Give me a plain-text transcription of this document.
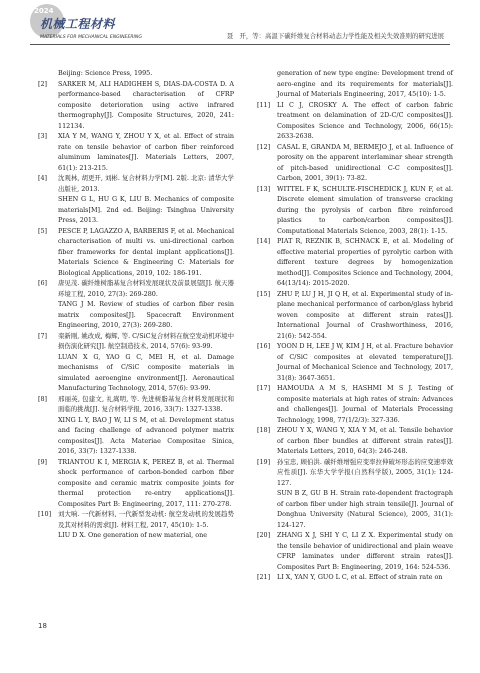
2024
机械工程材料
MATERIALS FOR MECHANICAL ENGINEERING	聂　开，等：高温下碳纤维复合材料动态力学性能及相关失效准则的研究进展
Beijing: Science Press, 1995.
[2]	SARKER M, ALI HADIGHEH S, DIAS-DA-COSTA D. A performance-based characterisation of CFRP composite deterioration using active infrared thermography[J]. Composite Structures, 2020, 241: 112134.
[3]	XIA Y M, WANG Y, ZHOU Y X, et al. Effect of strain rate on tensile behavior of carbon fiber reinforced aluminum laminates[J]. Materials Letters, 2007, 61(1): 213-215.
[4]	沈观林, 胡更开, 刘彬. 复合材料力学[M]. 2版. 北京: 清华大学出版社, 2013.
SHEN G L, HU G K, LIU B. Mechanics of composite materials[M]. 2nd ed. Beijing: Tsinghua University Press, 2013.
[5]	PESCE P, LAGAZZO A, BARBERIS F, et al. Mechanical characterisation of multi vs. uni-directional carbon fiber frameworks for dental implant applications[J]. Materials Science & Engineering C: Materials for Biological Applications, 2019, 102: 186-191.
[6]	唐见茂. 碳纤维树脂基复合材料发展现状及前景展望[J]. 航天器环境工程, 2010, 27(3): 269-280.
TANG J M. Review of studies of carbon fiber resin matrix composites[J]. Spacecraft Environment Engineering, 2010, 27(3): 269-280.
[7]	栾新刚, 姚改成, 梅辉, 等. C/SiC复合材料在航空发动机环境中损伤演化研究[J]. 航空制造技术, 2014, 57(6): 93-99.
LUAN X G, YAO G C, MEI H, et al. Damage mechanisms of C/SiC composite materials in simulated aeroengine environment[J]. Aeronautical Manufacturing Technology, 2014, 57(6): 93-99.
[8]	邢丽英, 包建文, 礼嵩明, 等. 先进树脂基复合材料发展现状和面临的挑战[J]. 复合材料学报, 2016, 33(7): 1327-1338.
XING L Y, BAO J W, LI S M, et al. Development status and facing challenge of advanced polymer matrix composites[J]. Acta Materiae Compositae Sinica, 2016, 33(7): 1327-1338.
[9]	TRIANTOU K I, MERGIA K, PEREZ B, et al. Thermal shock performance of carbon-bonded carbon fiber composite and ceramic matrix composite joints for thermal protection re-entry applications[J]. Composites Part B: Engineering, 2017, 111: 270-278.
[10]	刘大响. 一代新材料, 一代新型发动机: 航空发动机的发展趋势及其对材料的需求[J]. 材料工程, 2017, 45(10): 1-5.
LIU D X. One generation of new material, one
generation of new type engine: Development trend of aero-engine and its requirements for materials[J]. Journal of Materials Engineering, 2017, 45(10): 1-5.
[11]	LI C J, CROSKY A. The effect of carbon fabric treatment on delamination of 2D-C/C composites[J]. Composites Science and Technology, 2006, 66(15): 2633-2638.
[12]	CASAL E, GRANDA M, BERMEJO J, et al. Influence of porosity on the apparent interlaminar shear strength of pitch-based unidirectional C-C composites[J]. Carbon, 2001, 39(1): 73-82.
[13]	WITTEL F K, SCHULTE-FISCHEDICK J, KUN F, et al. Discrete element simulation of transverse cracking during the pyrolysis of carbon fibre reinforced plastics to carbon/carbon composites[J]. Computational Materials Science, 2003, 28(1): 1-15.
[14]	PIAT R, REZNIK B, SCHNACK E, et al. Modeling of effective material properties of pyrolytic carbon with different texture degrees by homogenization method[J]. Composites Science and Technology, 2004, 64(13/14): 2015-2020.
[15]	ZHU P, LU J H, JI Q H, et al. Experimental study of in-plane mechanical performance of carbon/glass hybrid woven composite at different strain rates[J]. International Journal of Crashworthiness, 2016, 21(6): 542-554.
[16]	YOON D H, LEE J W, KIM J H, et al. Fracture behavior of C/SiC composites at elevated temperature[J]. Journal of Mechanical Science and Technology, 2017, 31(8): 3647-3651.
[17]	HAMOUDA A M S, HASHMI M S J. Testing of composite materials at high rates of strain: Advances and challenges[J]. Journal of Materials Processing Technology, 1998, 77(1/2/3): 327-336.
[18]	ZHOU Y X, WANG Y, XIA Y M, et al. Tensile behavior of carbon fiber bundles at different strain rates[J]. Materials Letters, 2010, 64(3): 246-248.
[19]	孙宝忠, 顾伯洪. 碳纤维增强应变率拉伸破坏形态的应变速率效应性质[J]. 东华大学学报(自然科学版), 2005, 31(1): 124-127.
SUN B Z, GU B H. Strain rate-dependent fractograph of carbon fiber under high strain tensile[J]. Journal of Donghua University (Natural Science), 2005, 31(1): 124-127.
[20]	ZHANG X J, SHI Y C, LI Z X. Experimental study on the tensile behavior of unidirectional and plain weave CFRP laminates under different strain rates[J]. Composites Part B: Engineering, 2019, 164: 524-536.
[21]	LI X, YAN Y, GUO L C, et al. Effect of strain rate on
18
